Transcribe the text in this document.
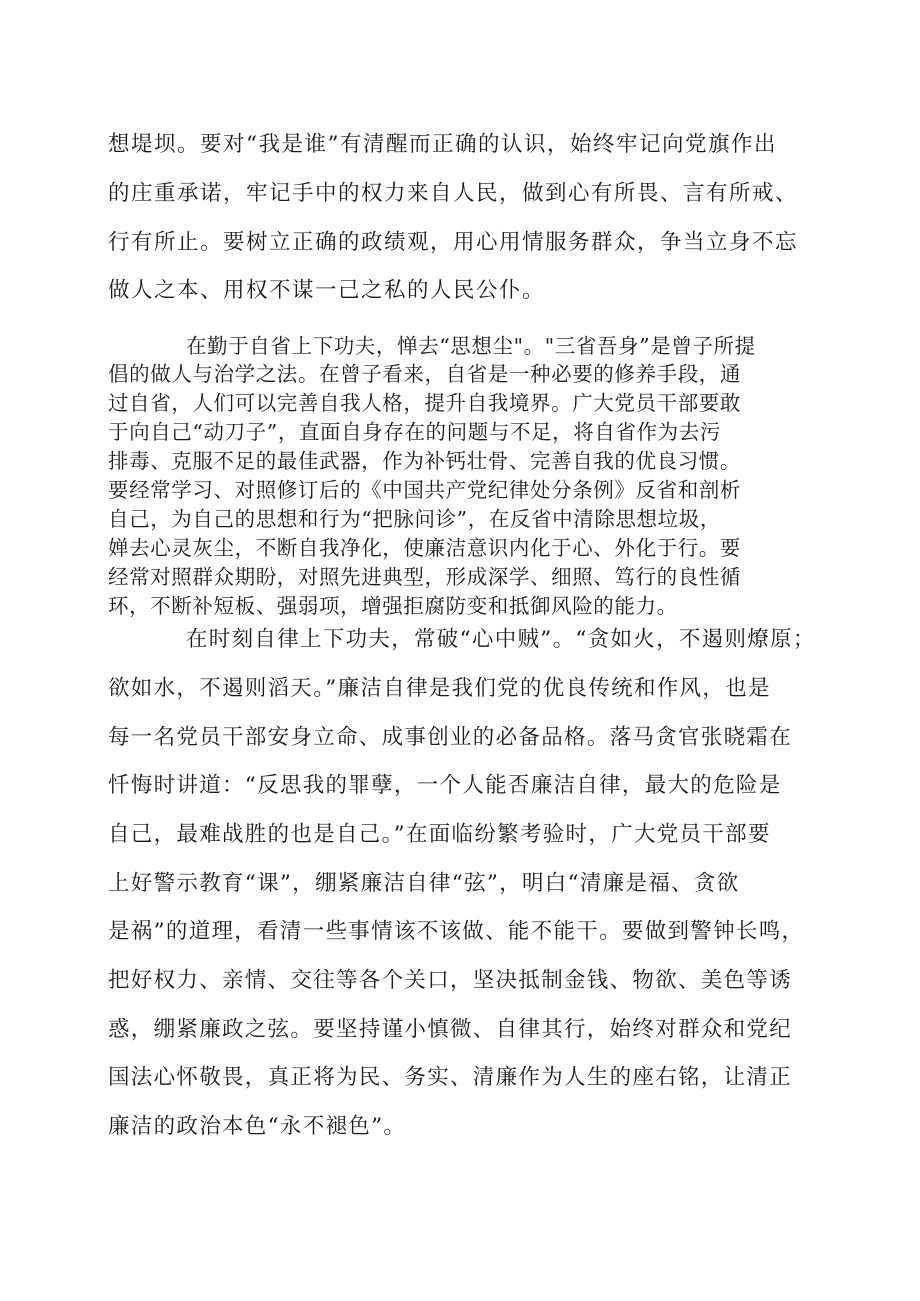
想堤坝。要对“我是谁”有清醒而正确的认识，始终牢记向党旗作出
的庄重承诺，牢记手中的权力来自人民，做到心有所畏、言有所戒、
行有所止。要树立正确的政绩观，用心用情服务群众，争当立身不忘
做人之本、用权不谋一己之私的人民公仆。
在勤于自省上下功夫，惮去“思想尘"。"三省吾身”是曾子所提
倡的做人与治学之法。在曾子看来，自省是一种必要的修养手段，通
过自省，人们可以完善自我人格，提升自我境界。广大党员干部要敢
于向自己“动刀子”，直面自身存在的问题与不足，将自省作为去污
排毒、克服不足的最佳武器，作为补钙壮骨、完善自我的优良习惯。
要经常学习、对照修订后的《中国共产党纪律处分条例》反省和剖析
自己，为自己的思想和行为“把脉问诊”，在反省中清除思想垃圾，
婵去心灵灰尘，不断自我净化，使廉洁意识内化于心、外化于行。要
经常对照群众期盼，对照先进典型，形成深学、细照、笃行的良性循
环，不断补短板、强弱项，增强拒腐防变和抵御风险的能力。
在时刻自律上下功夫，常破“心中贼”。“贪如火，不遏则燎原；
欲如水，不遏则滔天。”廉洁自律是我们党的优良传统和作风，也是
每一名党员干部安身立命、成事创业的必备品格。落马贪官张晓霜在
忏悔时讲道：“反思我的罪孽，一个人能否廉洁自律，最大的危险是
自己，最难战胜的也是自己。”在面临纷繁考验时，广大党员干部要
上好警示教育“课”，绷紧廉洁自律“弦”，明白“清廉是福、贪欲
是祸”的道理，看清一些事情该不该做、能不能干。要做到警钟长鸣，
把好权力、亲情、交往等各个关口，坚决抵制金钱、物欲、美色等诱
惑，绷紧廉政之弦。要坚持谨小慎微、自律其行，始终对群众和党纪
国法心怀敬畏，真正将为民、务实、清廉作为人生的座右铭，让清正
廉洁的政治本色“永不褪色”。
